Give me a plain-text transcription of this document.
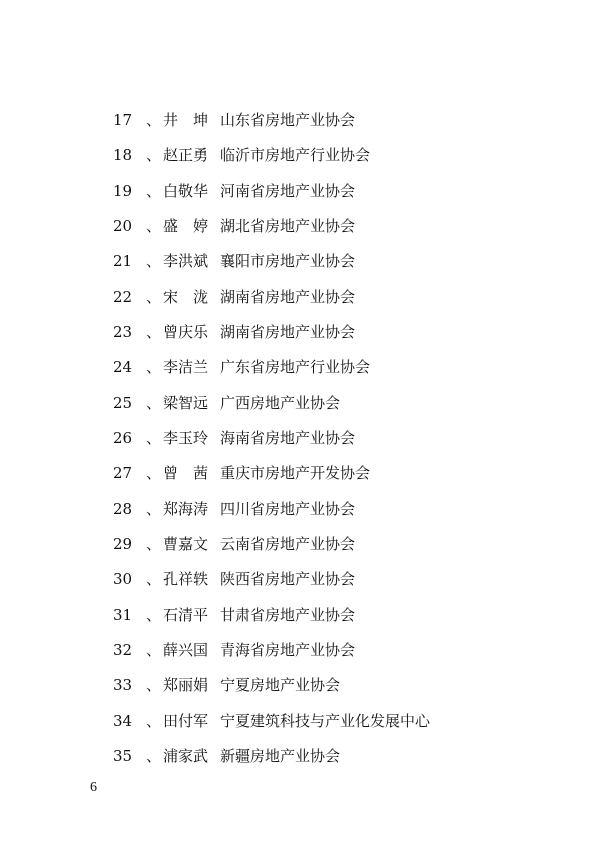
17 、 井　坤 山东省房地产业协会
18 、 赵正勇 临沂市房地产行业协会
19 、 白敬华 河南省房地产业协会
20 、 盛　婷 湖北省房地产业协会
21 、 李洪斌 襄阳市房地产业协会
22 、 宋　泷 湖南省房地产业协会
23 、 曾庆乐 湖南省房地产业协会
24 、 李洁兰 广东省房地产行业协会
25 、 梁智远 广西房地产业协会
26 、 李玉玲 海南省房地产业协会
27 、 曾　茜 重庆市房地产开发协会
28 、 郑海涛 四川省房地产业协会
29 、 曹嘉文 云南省房地产业协会
30 、 孔祥轶 陕西省房地产业协会
31 、 石清平 甘肃省房地产业协会
32 、 薛兴国 青海省房地产业协会
33 、 郑丽娟 宁夏房地产业协会
34 、 田付军 宁夏建筑科技与产业化发展中心
35 、 浦家武 新疆房地产业协会
6
